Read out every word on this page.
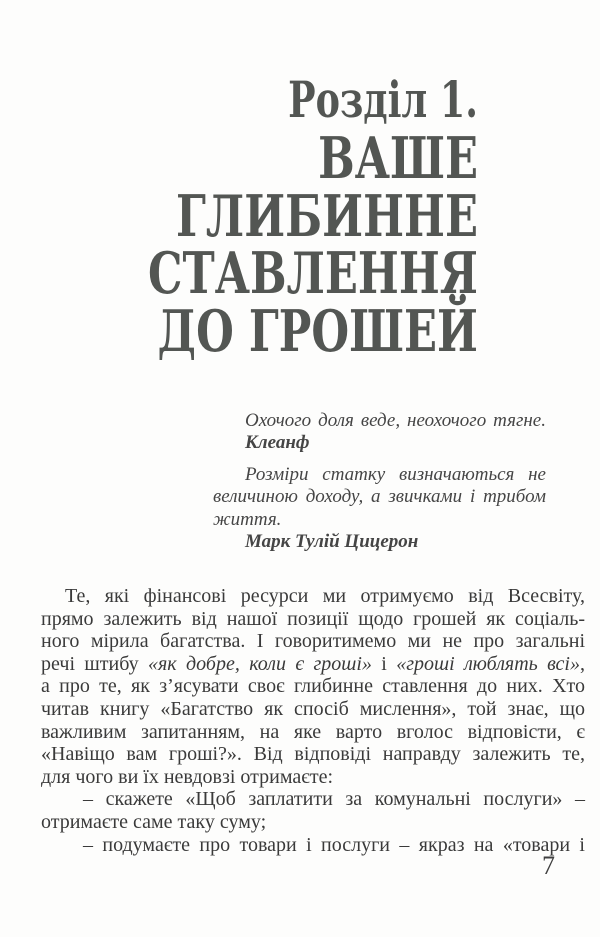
Розділ 1.
ВАШЕ
ГЛИБИННЕ
СТАВЛЕННЯ
ДО ГРОШЕЙ
Охочого доля веде, неохочого тягне.
Клеанф
Розміри статку визначаються не
величиною доходу, а звичками і трибом
життя.
Марк Тулій Цицерон
Те, які фінансові ресурси ми отримуємо від Всесвіту,
прямо залежить від нашої позиції щодо грошей як соціаль-
ного мірила багатства. І говоритимемо ми не про загальні
речі штибу «як добре, коли є гроші» і «гроші люблять всі»,
а про те, як з’ясувати своє глибинне ставлення до них. Хто
читав книгу «Багатство як спосіб мислення», той знає, що
важливим запитанням, на яке варто вголос відповісти, є
«Навіщо вам гроші?». Від відповіді направду залежить те,
для чого ви їх невдовзі отримаєте:
– скажете «Щоб заплатити за комунальні послуги» –
отримаєте саме таку суму;
– подумаєте про товари і послуги – якраз на «товари і
7
